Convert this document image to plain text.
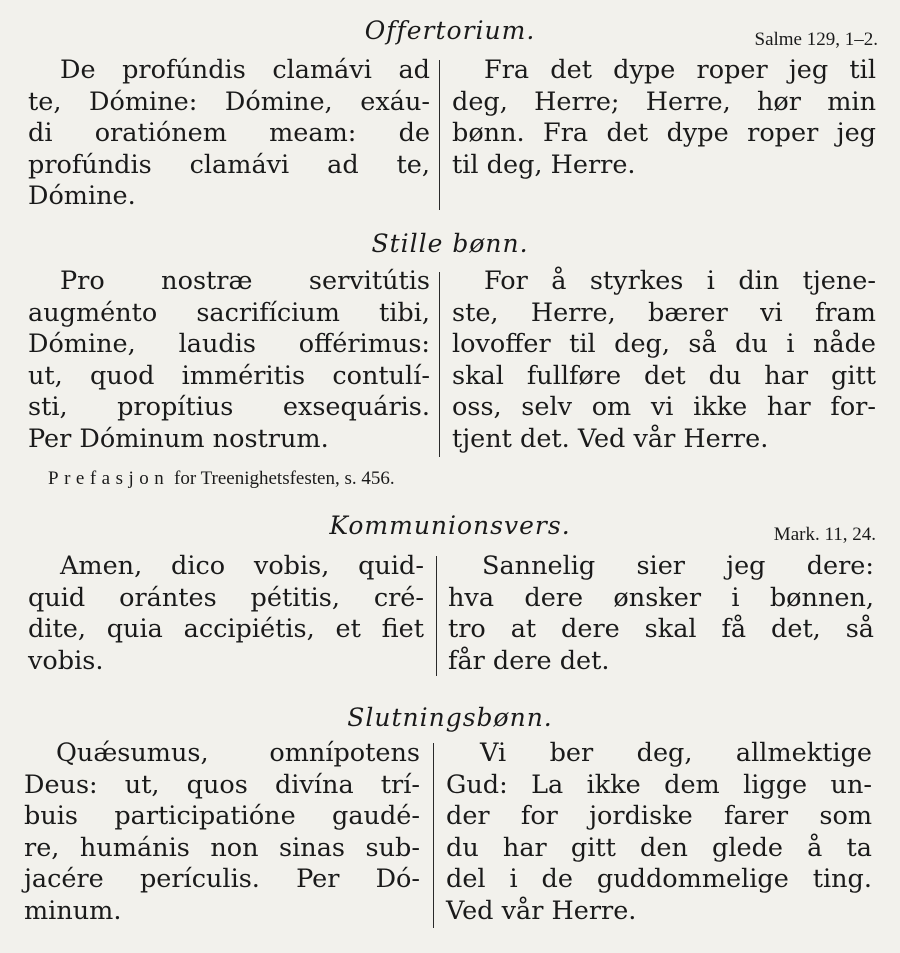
Offertorium.	Salme 129, 1–2.
De profúndis clamávi ad
te, Dómine: Dómine, exáu-
di oratiónem meam: de
profúndis clamávi ad te,
Dómine.
Fra det dype roper jeg til
deg, Herre; Herre, hør min
bønn. Fra det dype roper jeg
til deg, Herre.
Stille bønn.
Pro nostræ servitútis
augménto sacrifícium tibi,
Dómine, laudis offérimus:
ut, quod imméritis contulí-
sti, propítius exsequáris.
Per Dóminum nostrum.
For å styrkes i din tjene-
ste, Herre, bærer vi fram
lovoffer til deg, så du i nåde
skal fullføre det du har gitt
oss, selv om vi ikke har for-
tjent det. Ved vår Herre.
Prefasjon for Treenighetsfesten, s. 456.
Kommunionsvers.	Mark. 11, 24.
Amen, dico vobis, quid-
quid orántes pétitis, cré-
dite, quia accipiétis, et fiet
vobis.
Sannelig sier jeg dere:
hva dere ønsker i bønnen,
tro at dere skal få det, så
får dere det.
Slutningsbønn.
Quǽsumus, omnípotens
Deus: ut, quos divína trí-
buis participatióne gaudé-
re, humánis non sinas sub-
jacére perículis. Per Dó-
minum.
Vi ber deg, allmektige
Gud: La ikke dem ligge un-
der for jordiske farer som
du har gitt den glede å ta
del i de guddommelige ting.
Ved vår Herre.
